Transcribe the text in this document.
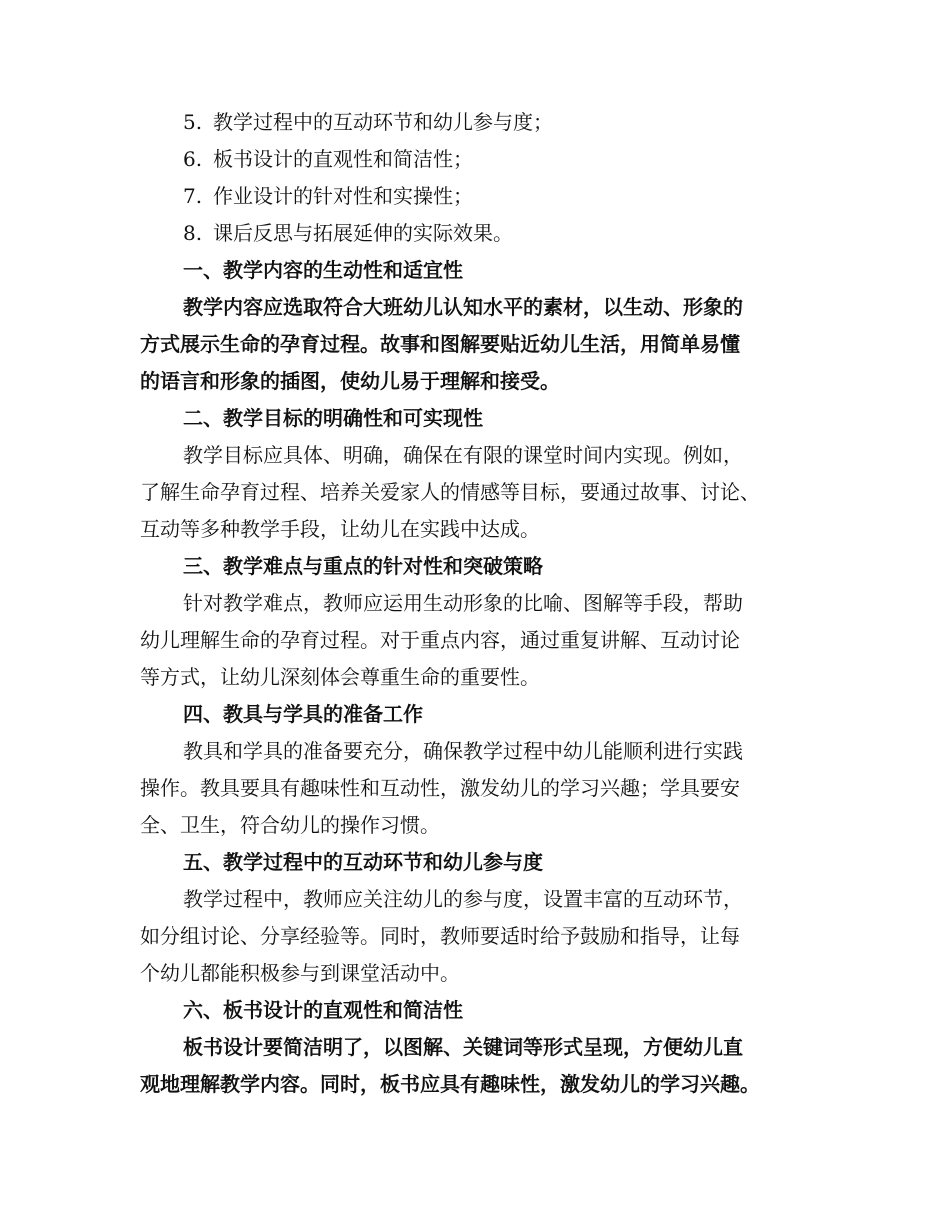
5. 教学过程中的互动环节和幼儿参与度；
6. 板书设计的直观性和简洁性；
7. 作业设计的针对性和实操性；
8. 课后反思与拓展延伸的实际效果。
一、教学内容的生动性和适宜性
教学内容应选取符合大班幼儿认知水平的素材，以生动、形象的
方式展示生命的孕育过程。故事和图解要贴近幼儿生活，用简单易懂
的语言和形象的插图，使幼儿易于理解和接受。
二、教学目标的明确性和可实现性
教学目标应具体、明确，确保在有限的课堂时间内实现。例如，
了解生命孕育过程、培养关爱家人的情感等目标，要通过故事、讨论、
互动等多种教学手段，让幼儿在实践中达成。
三、教学难点与重点的针对性和突破策略
针对教学难点，教师应运用生动形象的比喻、图解等手段，帮助
幼儿理解生命的孕育过程。对于重点内容，通过重复讲解、互动讨论
等方式，让幼儿深刻体会尊重生命的重要性。
四、教具与学具的准备工作
教具和学具的准备要充分，确保教学过程中幼儿能顺利进行实践
操作。教具要具有趣味性和互动性，激发幼儿的学习兴趣；学具要安
全、卫生，符合幼儿的操作习惯。
五、教学过程中的互动环节和幼儿参与度
教学过程中，教师应关注幼儿的参与度，设置丰富的互动环节，
如分组讨论、分享经验等。同时，教师要适时给予鼓励和指导，让每
个幼儿都能积极参与到课堂活动中。
六、板书设计的直观性和简洁性
板书设计要简洁明了，以图解、关键词等形式呈现，方便幼儿直
观地理解教学内容。同时，板书应具有趣味性，激发幼儿的学习兴趣。
